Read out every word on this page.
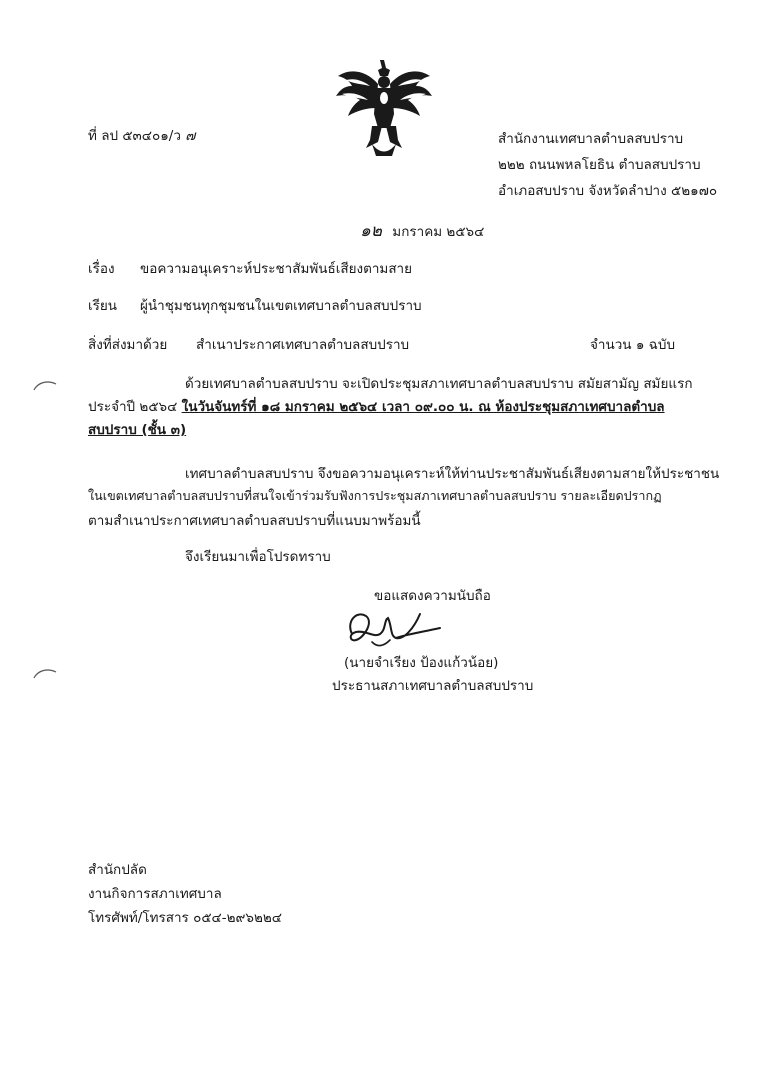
ที่ ลป ๕๓๔๐๑/ว ๗	สำนักงานเทศบาลตำบลสบปราบ
๒๒๒ ถนนพหลโยธิน ตำบลสบปราบ
อำเภอสบปราบ จังหวัดลำปาง ๕๒๑๗๐
๑๒ มกราคม ๒๕๖๔
เรื่อง ขอความอนุเคราะห์ประชาสัมพันธ์เสียงตามสาย
เรียน ผู้นำชุมชนทุกชุมชนในเขตเทศบาลตำบลสบปราบ
สิ่งที่ส่งมาด้วย สำเนาประกาศเทศบาลตำบลสบปราบ	จำนวน ๑ ฉบับ
ด้วยเทศบาลตำบลสบปราบ จะเปิดประชุมสภาเทศบาลตำบลสบปราบ สมัยสามัญ สมัยแรก
ประจำปี ๒๕๖๔ ในวันจันทร์ที่ ๑๘ มกราคม ๒๕๖๔ เวลา ๐๙.๐๐ น. ณ ห้องประชุมสภาเทศบาลตำบล
สบปราบ (ชั้น ๓)
เทศบาลตำบลสบปราบ จึงขอความอนุเคราะห์ให้ท่านประชาสัมพันธ์เสียงตามสายให้ประชาชน
ในเขตเทศบาลตำบลสบปราบที่สนใจเข้าร่วมรับฟังการประชุมสภาเทศบาลตำบลสบปราบ รายละเอียดปรากฏ
ตามสำเนาประกาศเทศบาลตำบลสบปราบที่แนบมาพร้อมนี้
จึงเรียนมาเพื่อโปรดทราบ
ขอแสดงความนับถือ
(นายจำเรียง ป้องแก้วน้อย)
ประธานสภาเทศบาลตำบลสบปราบ
สำนักปลัด
งานกิจการสภาเทศบาล
โทรศัพท์/โทรสาร ๐๕๔-๒๙๖๒๒๔
